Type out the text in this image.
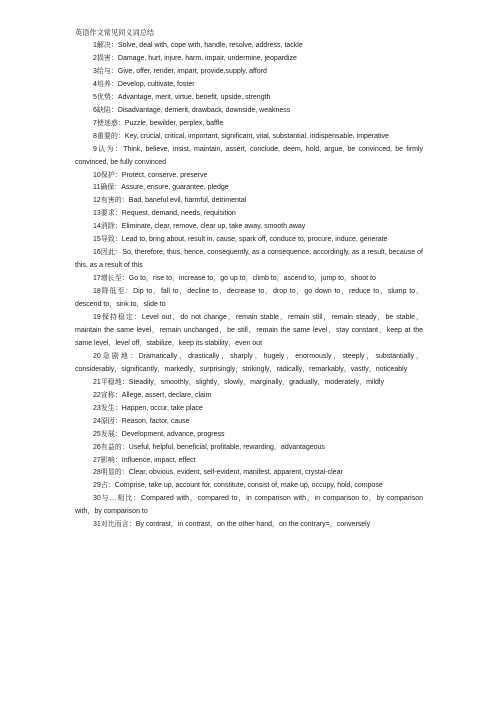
英语作文常见同义词总结
1解决：Solve, deal with, cope with, handle, resolve, address, tackle
2损害：Damage, hurt, injure, harm, impair, undermine, jeopardize
3给与：Give, offer, render, impart, provide,supply, afford
4培养：Develop, cultivate, foster
5优势：Advantage, merit, virtue, benefit, upside, strength
6缺陷：Disadvantage, demerit, drawback, downside, weakness
7使迷惑：Puzzle, bewilder, perplex, baffle
8重要的：Key, crucial, critical, important, significant, vital, substantial, indispensable, imperative
9认为：Think, believe, insist, maintain, assert, conclude, deem, hold, argue, be convinced, be firmly convinced, be fully convinced
10保护：Protect, conserve, preserve
11确保：Assure, ensure, guarantee, pledge
12有害的：Bad, baneful evil, harmful, detrimental
13要求：Request, demand, needs, requisition
14消除：Eliminate, clear, remove, clear up, take away, smooth away
15导致：Lead to, bring about, result in, cause, spark off, conduce to, procure, induce, generate
16因此：So, therefore, thus, hence, consequently, as a consequence, accordingly, as a result, because of this, as a result of this
17增长至：Go to，rise to，increase to，go up to，climb to，ascend to，jump to，shoot to
18降低至：Dip to，fall to，decline to，decrease to，drop to，go down to，reduce to，slump to，descend to，sink to，slide to
19保持稳定：Level out，do not change，remain stable，remain still，remain steady，be stable，maintain the same level，remain unchanged，be still，remain the same level，stay constant，keep at the same level，level off，stabilize，keep its stability，even out
20急剧地：Dramatically，drastically，sharply，hugely，enormously，steeply，substantially，considerably，significantly，markedly，surprisingly，strikingly，radically，remarkably，vastly，noticeably
21平稳地：Steadily，smoothly，slightly，slowly，marginally，gradually，moderately，mildly
22宣称：Allege, assert, declare, claim
23发生：Happen, occur, take place
24原因：Reason, factor, cause
25发展：Development, advance, progress
26有益的：Useful, helpful, beneficial, profitable, rewarding，advantageous
27影响：Influence, impact, effect
28明显的：Clear, obvious, evident, self-evident, manifest, apparent, crystal-clear
29占：Comprise, take up, account for, constitute, consist of, make up, occupy, hold, compose
30与…相比：Compared with，compared to，in comparison with，in comparison to，by comparison with，by comparison to
31对比而言：By contrast，in contrast，on the other hand，on the contrary=，conversely
